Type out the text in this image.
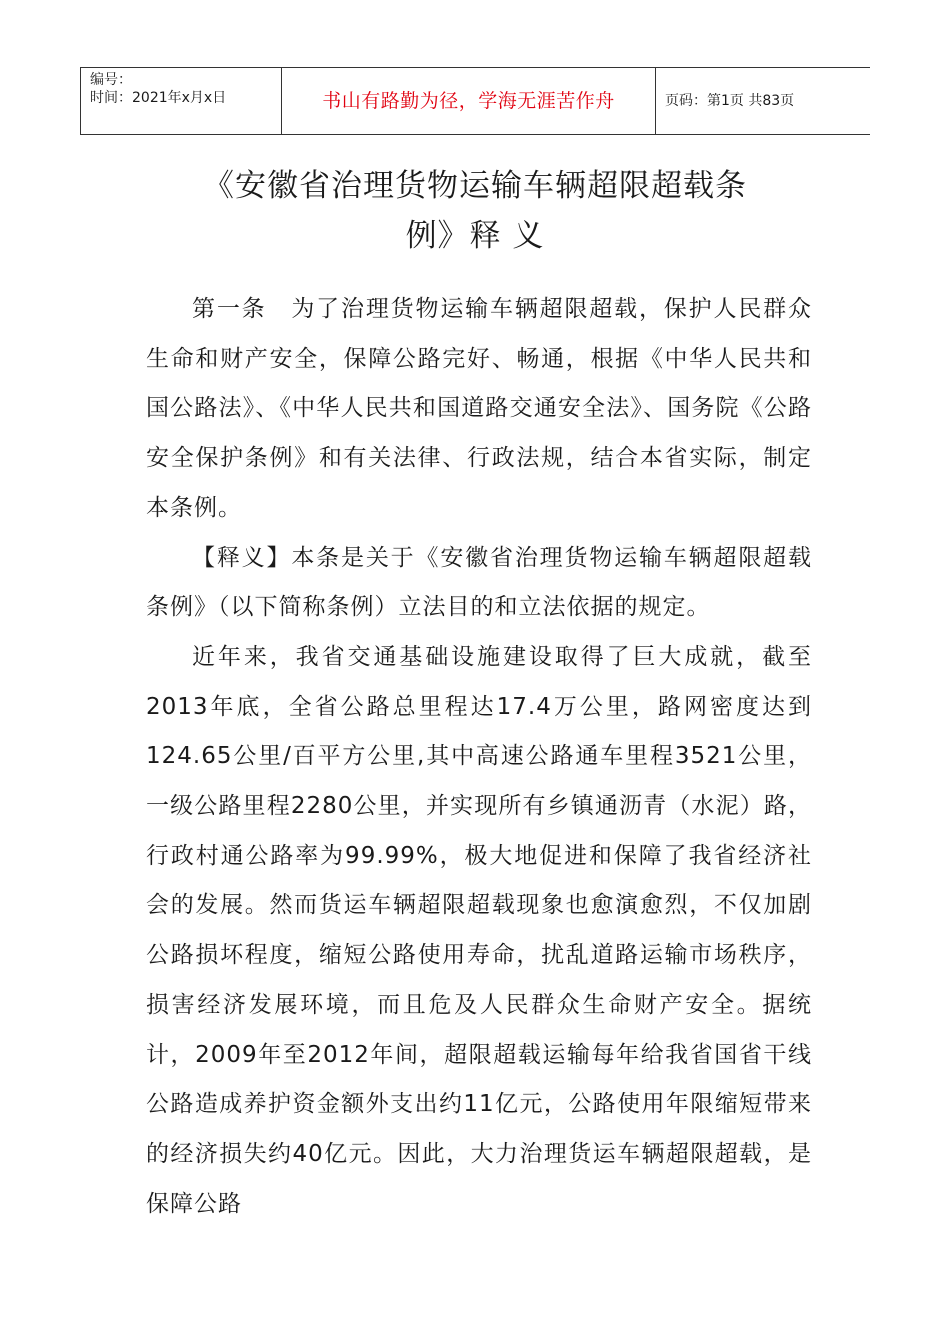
编号：
时间：2021年x月x日	书山有路勤为径，学海无涯苦作舟	页码：第1页 共83页
《安徽省治理货物运输车辆超限超载条
例》释 义

第一条　为了治理货物运输车辆超限超载，保护人民群众生命和财产安全，保障公路完好、畅通，根据《中华人民共和国公路法》、《中华人民共和国道路交通安全法》、国务院《公路安全保护条例》和有关法律、行政法规，结合本省实际，制定本条例。

【释义】本条是关于《安徽省治理货物运输车辆超限超载条例》（以下简称条例）立法目的和立法依据的规定。

近年来，我省交通基础设施建设取得了巨大成就，截至2013年底，全省公路总里程达17.4万公里，路网密度达到124.65公里/百平方公里,其中高速公路通车里程3521公里，一级公路里程2280公里，并实现所有乡镇通沥青（水泥）路，行政村通公路率为99.99%，极大地促进和保障了我省经济社会的发展。然而货运车辆超限超载现象也愈演愈烈，不仅加剧公路损坏程度，缩短公路使用寿命，扰乱道路运输市场秩序，损害经济发展环境，而且危及人民群众生命财产安全。据统计，2009年至2012年间，超限超载运输每年给我省国省干线公路造成养护资金额外支出约11亿元，公路使用年限缩短带来的经济损失约40亿元。因此，大力治理货运车辆超限超载，是保障公路
